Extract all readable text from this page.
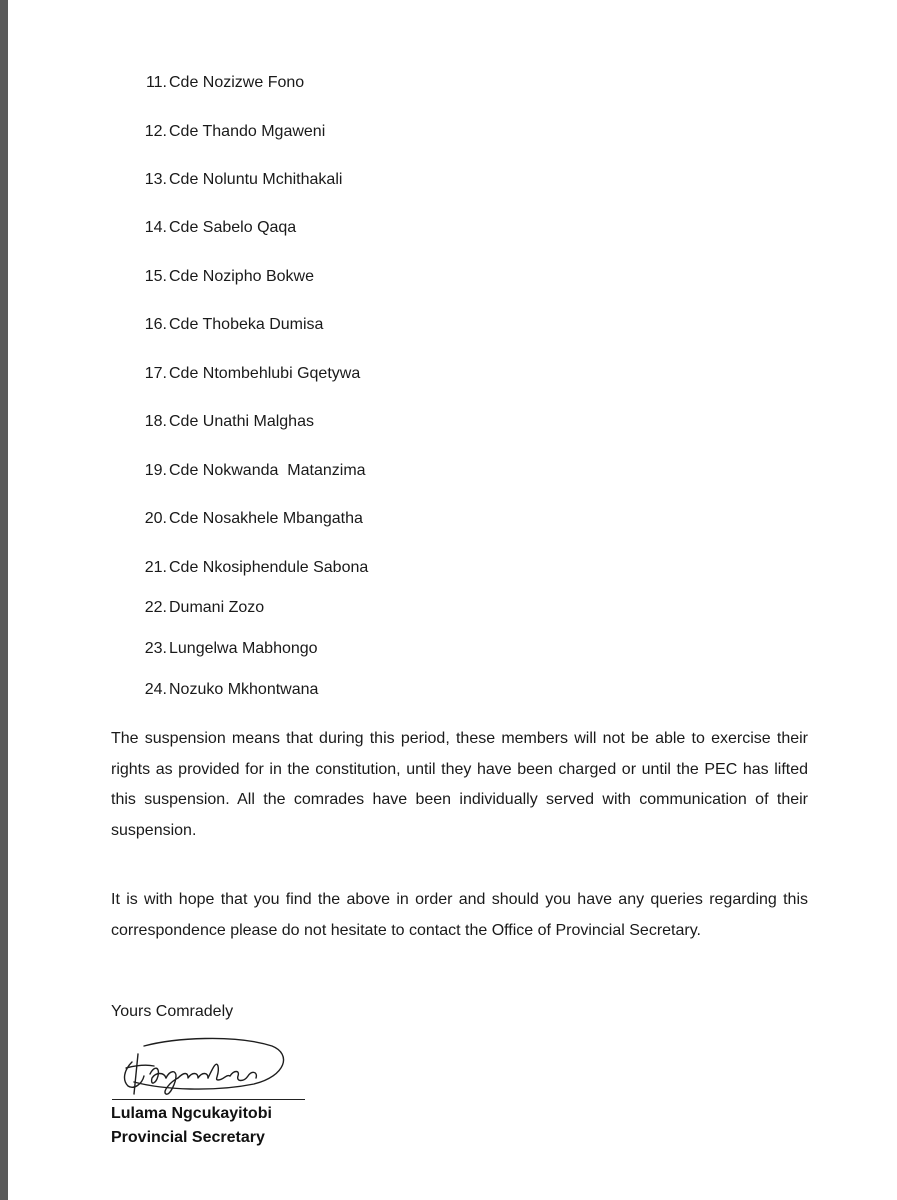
11. Cde Nozizwe Fono
12. Cde Thando Mgaweni
13. Cde Noluntu Mchithakali
14. Cde Sabelo Qaqa
15. Cde Nozipho Bokwe
16. Cde Thobeka Dumisa
17. Cde Ntombehlubi Gqetywa
18. Cde Unathi Malghas
19. Cde Nokwanda  Matanzima
20. Cde Nosakhele Mbangatha
21. Cde Nkosiphendule Sabona
22. Dumani Zozo
23. Lungelwa Mabhongo
24. Nozuko Mkhontwana

The suspension means that during this period, these members will not be able to exercise their rights as provided for in the constitution, until they have been charged or until the PEC has lifted this suspension. All the comrades have been individually served with communication of their suspension.

It is with hope that you find the above in order and should you have any queries regarding this correspondence please do not hesitate to contact the Office of Provincial Secretary.

Yours Comradely
Lulama Ngcukayitobi
Provincial Secretary
